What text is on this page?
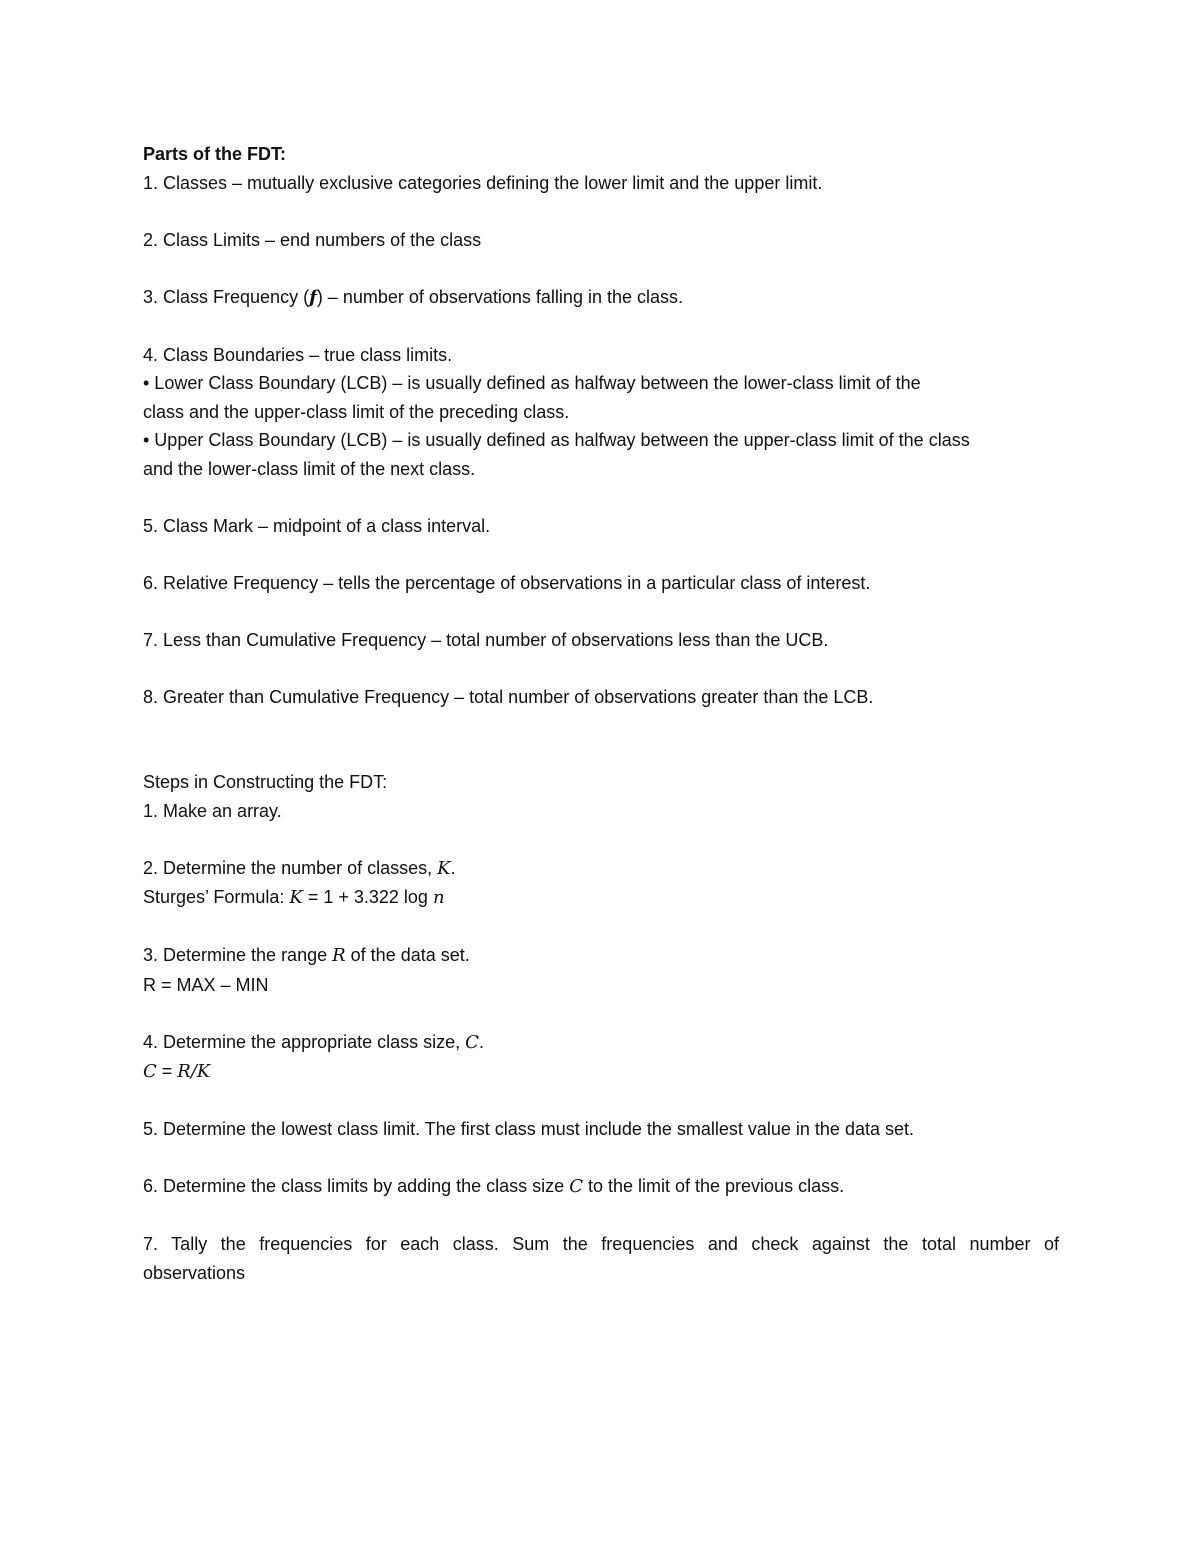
Parts of the FDT:

1. Classes – mutually exclusive categories defining the lower limit and the upper limit.

2. Class Limits – end numbers of the class

3. Class Frequency (𝒇) – number of observations falling in the class.

4. Class Boundaries – true class limits.

• Lower Class Boundary (LCB) – is usually defined as halfway between the lower-class limit of the

class and the upper-class limit of the preceding class.

• Upper Class Boundary (LCB) – is usually defined as halfway between the upper-class limit of the class

and the lower-class limit of the next class.

5. Class Mark – midpoint of a class interval.

6. Relative Frequency – tells the percentage of observations in a particular class of interest.

7. Less than Cumulative Frequency – total number of observations less than the UCB.

8. Greater than Cumulative Frequency – total number of observations greater than the LCB.

Steps in Constructing the FDT:

1. Make an array.

2. Determine the number of classes, K.

Sturges’ Formula: K = 1 + 3.322 log n

3. Determine the range R of the data set.

R = MAX – MIN

4. Determine the appropriate class size, C.

C = R/K

5. Determine the lowest class limit. The first class must include the smallest value in the data set.

6. Determine the class limits by adding the class size C to the limit of the previous class.

7. Tally the frequencies for each class. Sum the frequencies and check against the total number of

observations
